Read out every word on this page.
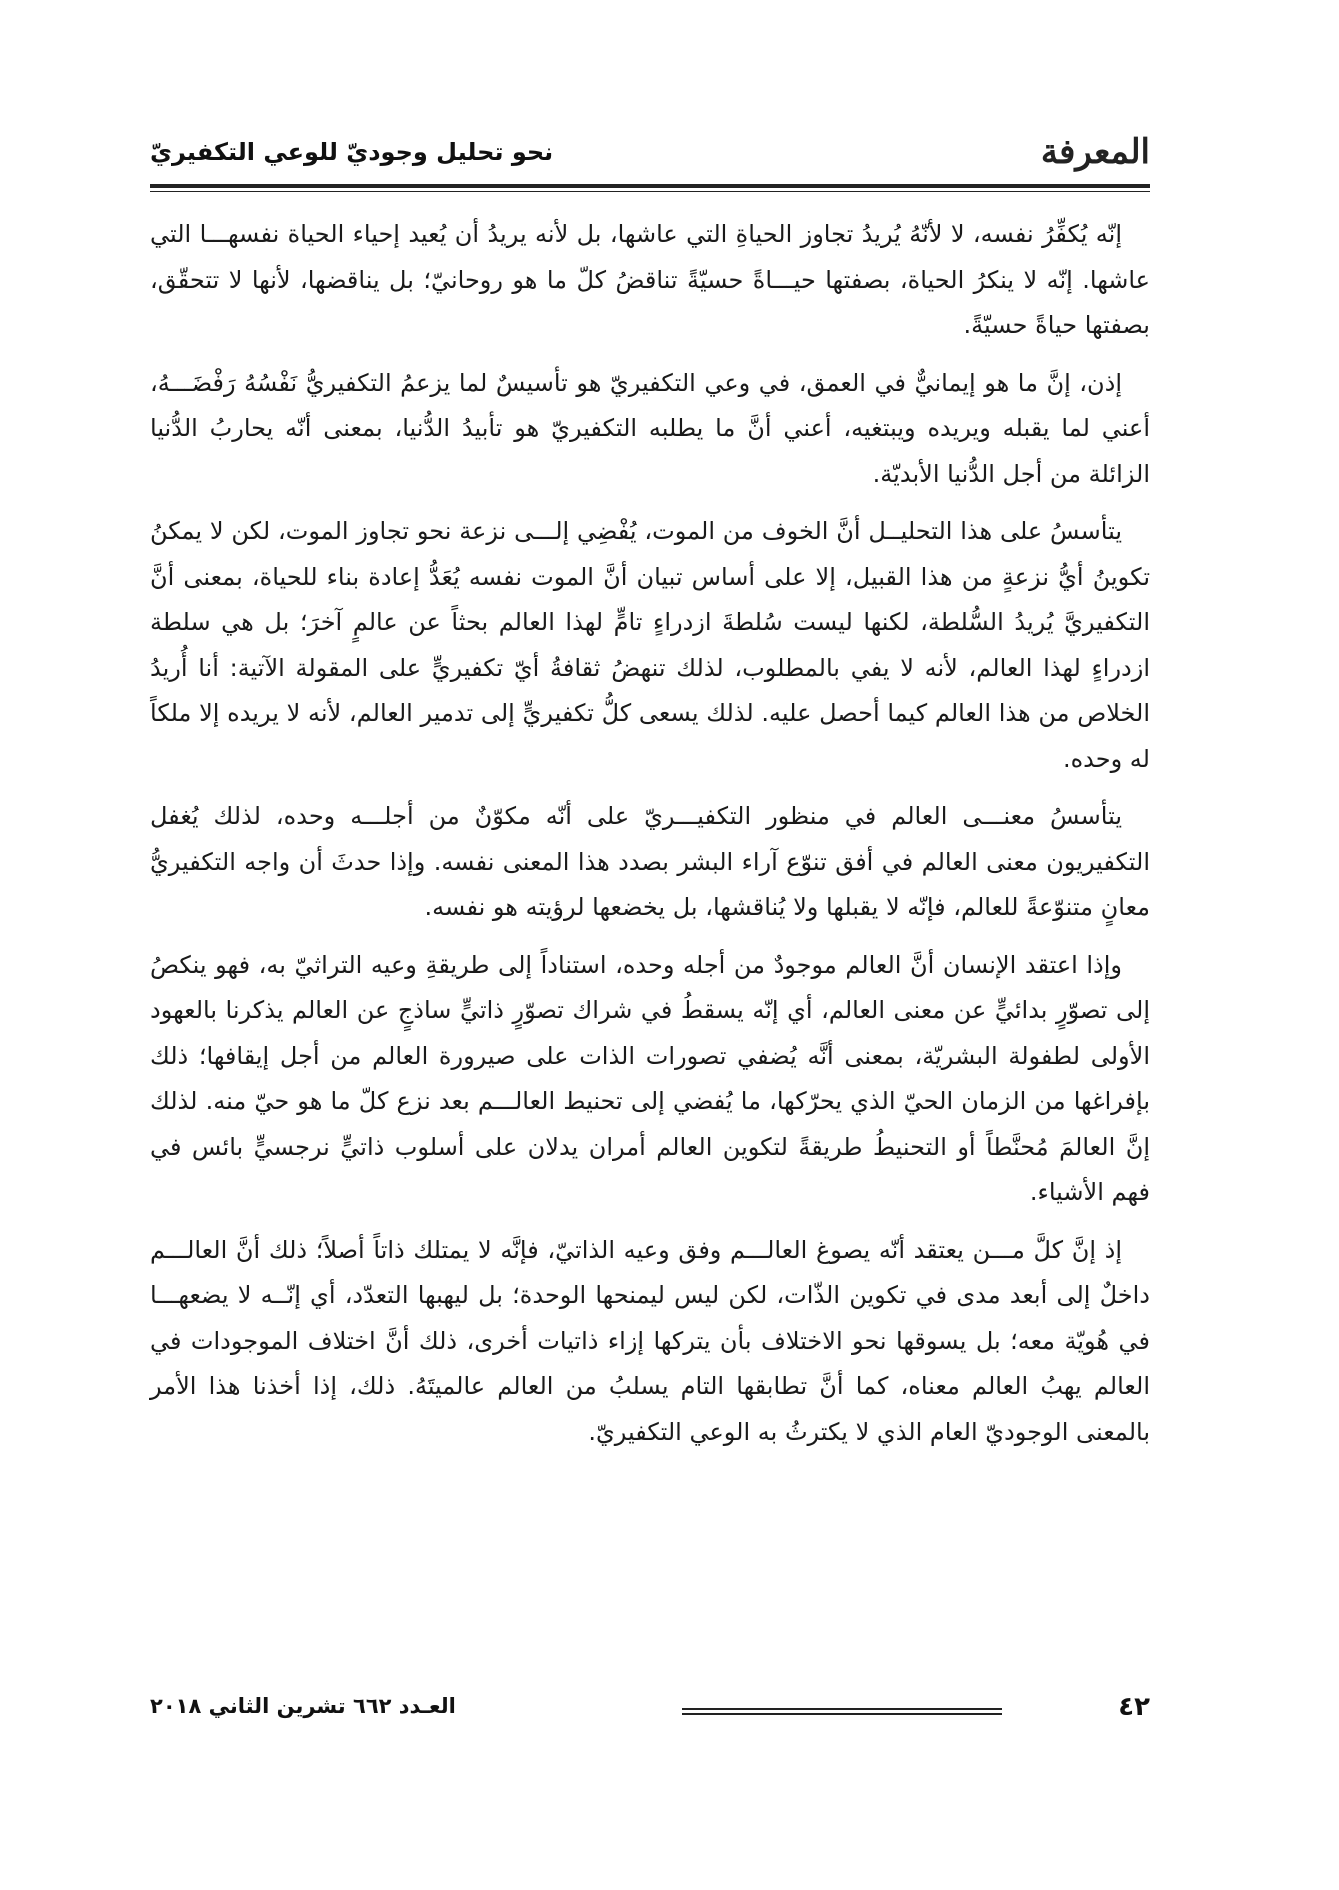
المعرفة
نحو تحليل وجوديّ للوعي التكفيريّ

إنّه يُكفِّرُ نفسه، لا لأنّهُ يُريدُ تجاوز الحياةِ التي عاشها، بل لأنه يريدُ أن يُعيد إحياء الحياة نفسهـــا التي عاشها. إنّه لا ينكرُ الحياة، بصفتها حيـــاةً حسيّةً تناقضُ كلّ ما هو روحانيّ؛ بل يناقضها، لأنها لا تتحقّق، بصفتها حياةً حسيّةً.

إذن، إنَّ ما هو إيمانيٌّ في العمق، في وعي التكفيريّ هو تأسيسٌ لما يزعمُ التكفيريُّ نَفْسُهُ رَفْضَـــهُ، أعني لما يقبله ويريده ويبتغيه، أعني أنَّ ما يطلبه التكفيريّ هو تأبيدُ الدُّنيا، بمعنى أنّه يحاربُ الدُّنيا الزائلة من أجل الدُّنيا الأبديّة.

يتأسسُ على هذا التحليــل أنَّ الخوف من الموت، يُفْضِي إلـــى نزعة نحو تجاوز الموت، لكن لا يمكنُ تكوينُ أيُّ نزعةٍ من هذا القبيل، إلا على أساس تبيان أنَّ الموت نفسه يُعَدُّ إعادة بناء للحياة، بمعنى أنَّ التكفيريَّ يُريدُ السُّلطة، لكنها ليست سُلطةَ ازدراءٍ تامٍّ لهذا العالم بحثاً عن عالمٍ آخرَ؛ بل هي سلطة ازدراءٍ لهذا العالم، لأنه لا يفي بالمطلوب، لذلك تنهضُ ثقافةُ أيّ تكفيريٍّ على المقولة الآتية: أنا أُريدُ الخلاص من هذا العالم كيما أحصل عليه. لذلك يسعى كلُّ تكفيريٍّ إلى تدمير العالم، لأنه لا يريده إلا ملكاً له وحده.

يتأسسُ معنـــى العالم في منظور التكفيـــريّ على أنّه مكوّنٌ من أجلـــه وحده، لذلك يُغفل التكفيريون معنى العالم في أفق تنوّع آراء البشر بصدد هذا المعنى نفسه. وإذا حدثَ أن واجه التكفيريُّ معانٍ متنوّعةً للعالم، فإنّه لا يقبلها ولا يُناقشها، بل يخضعها لرؤيته هو نفسه.

وإذا اعتقد الإنسان أنَّ العالم موجودٌ من أجله وحده، استناداً إلى طريقةِ وعيه التراثيّ به، فهو ينكصُ إلى تصوّرٍ بدائيٍّ عن معنى العالم، أي إنّه يسقطُ في شراك تصوّرٍ ذاتيٍّ ساذجٍ عن العالم يذكرنا بالعهود الأولى لطفولة البشريّة، بمعنى أنَّه يُضفي تصورات الذات على صيرورة العالم من أجل إيقافها؛ ذلك بإفراغها من الزمان الحيّ الذي يحرّكها، ما يُفضي إلى تحنيط العالـــم بعد نزع كلّ ما هو حيّ منه. لذلك إنَّ العالمَ مُحنَّطاً أو التحنيطُ طريقةً لتكوين العالم أمران يدلان على أسلوب ذاتيٍّ نرجسيٍّ بائس في فهم الأشياء.

إذ إنَّ كلَّ مـــن يعتقد أنّه يصوغ العالـــم وفق وعيه الذاتيّ، فإنَّه لا يمتلك ذاتاً أصلاً؛ ذلك أنَّ العالـــم داخلٌ إلى أبعد مدى في تكوين الذّات، لكن ليس ليمنحها الوحدة؛ بل ليهبها التعدّد، أي إنّــه لا يضعهـــا في هُويّة معه؛ بل يسوقها نحو الاختلاف بأن يتركها إزاء ذاتيات أخرى، ذلك أنَّ اختلاف الموجودات في العالم يهبُ العالم معناه، كما أنَّ تطابقها التام يسلبُ من العالم عالميتَهُ. ذلك، إذا أخذنا هذا الأمر بالمعنى الوجوديّ العام الذي لا يكترثُ به الوعي التكفيريّ.

٤٢
العـدد ٦٦٢ تشرين الثاني ٢٠١٨
